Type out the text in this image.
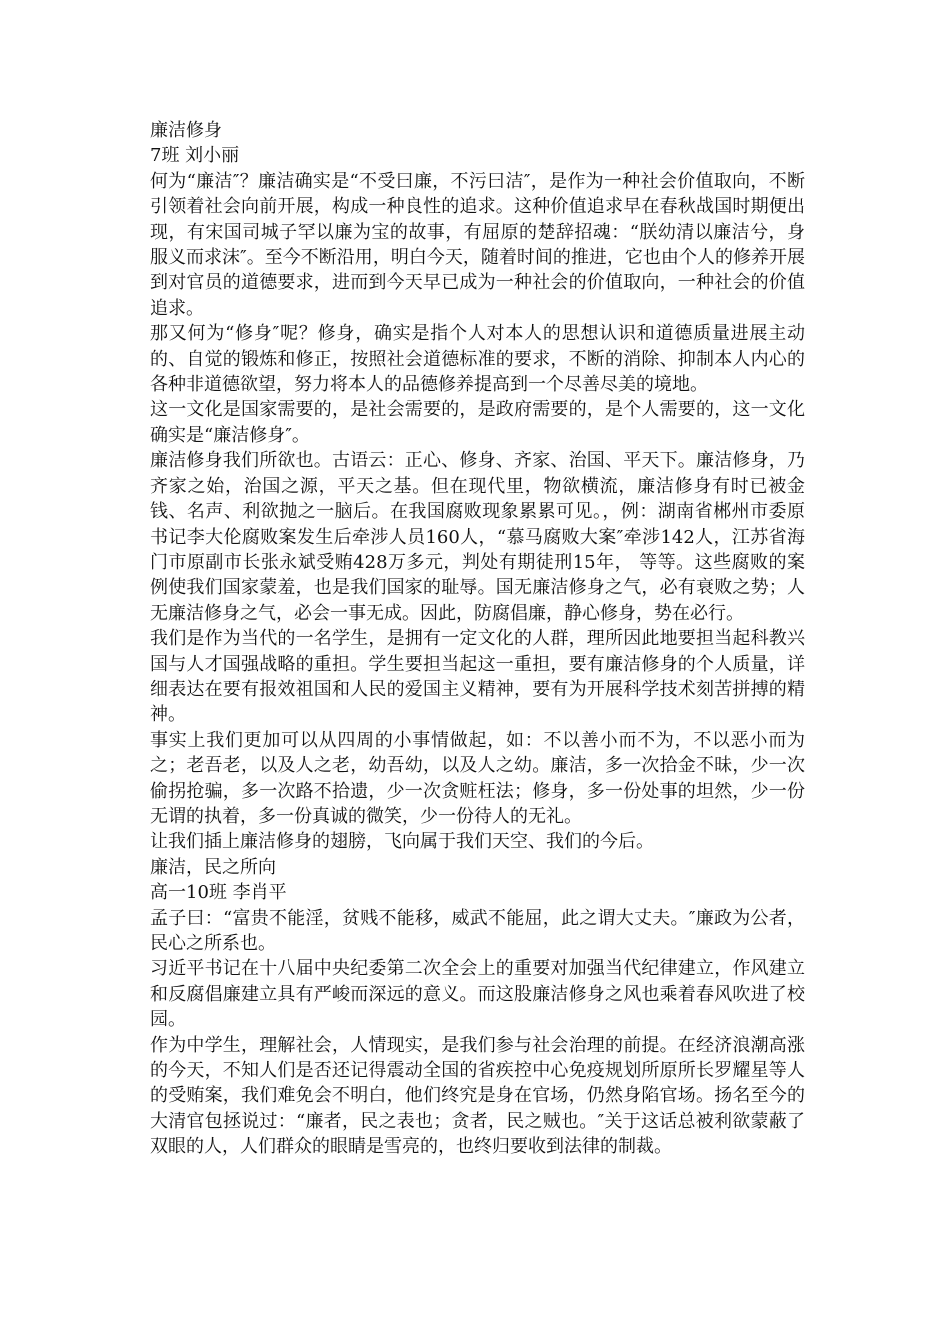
廉洁修身

7班 刘小丽

何为“廉洁″？廉洁确实是“不受曰廉，不污曰洁″，是作为一种社会价值取向，不断引领着社会向前开展，构成一种良性的追求。这种价值追求早在春秋战国时期便出现，有宋国司城子罕以廉为宝的故事，有屈原的楚辞招魂：“朕幼清以廉洁兮，身服义而求沫″。至今不断沿用，明白今天，随着时间的推进，它也由个人的修养开展到对官员的道德要求，进而到今天早已成为一种社会的价值取向，一种社会的价值追求。

那又何为“修身″呢？修身，确实是指个人对本人的思想认识和道德质量进展主动的、自觉的锻炼和修正，按照社会道德标准的要求，不断的消除、抑制本人内心的各种非道德欲望，努力将本人的品德修养提高到一个尽善尽美的境地。

这一文化是国家需要的，是社会需要的，是政府需要的，是个人需要的，这一文化确实是“廉洁修身″。

廉洁修身我们所欲也。古语云：正心、修身、齐家、治国、平天下。廉洁修身，乃齐家之始，治国之源，平天之基。但在现代里，物欲横流，廉洁修身有时已被金钱、名声、利欲抛之一脑后。在我国腐败现象累累可见。，例：湖南省郴州市委原书记李大伦腐败案发生后牵涉人员160人，“慕马腐败大案″牵涉142人，江苏省海门市原副市长张永斌受贿428万多元，判处有期徒刑15年， 等等。这些腐败的案例使我们国家蒙羞，也是我们国家的耻辱。国无廉洁修身之气，必有衰败之势；人无廉洁修身之气，必会一事无成。因此，防腐倡廉，静心修身，势在必行。

我们是作为当代的一名学生，是拥有一定文化的人群，理所因此地要担当起科教兴国与人才国强战略的重担。学生要担当起这一重担，要有廉洁修身的个人质量，详细表达在要有报效祖国和人民的爱国主义精神，要有为开展科学技术刻苦拼搏的精神。

事实上我们更加可以从四周的小事情做起，如：不以善小而不为，不以恶小而为之；老吾老，以及人之老，幼吾幼，以及人之幼。廉洁，多一次拾金不昧，少一次偷拐抢骗，多一次路不拾遗，少一次贪赃枉法；修身，多一份处事的坦然，少一份无谓的执着，多一份真诚的微笑，少一份待人的无礼。

让我们插上廉洁修身的翅膀，飞向属于我们天空、我们的今后。

廉洁，民之所向

高一10班 李肖平

孟子曰：“富贵不能淫，贫贱不能移，威武不能屈，此之谓大丈夫。″廉政为公者，民心之所系也。

习近平书记在十八届中央纪委第二次全会上的重要对加强当代纪律建立，作风建立和反腐倡廉建立具有严峻而深远的意义。而这股廉洁修身之风也乘着春风吹进了校园。

作为中学生，理解社会，人情现实，是我们参与社会治理的前提。在经济浪潮高涨的今天，不知人们是否还记得震动全国的省疾控中心免疫规划所原所长罗耀星等人的受贿案，我们难免会不明白，他们终究是身在官场，仍然身陷官场。扬名至今的大清官包拯说过：“廉者，民之表也；贪者，民之贼也。″关于这话总被利欲蒙蔽了双眼的人，人们群众的眼睛是雪亮的，也终归要收到法律的制裁。
